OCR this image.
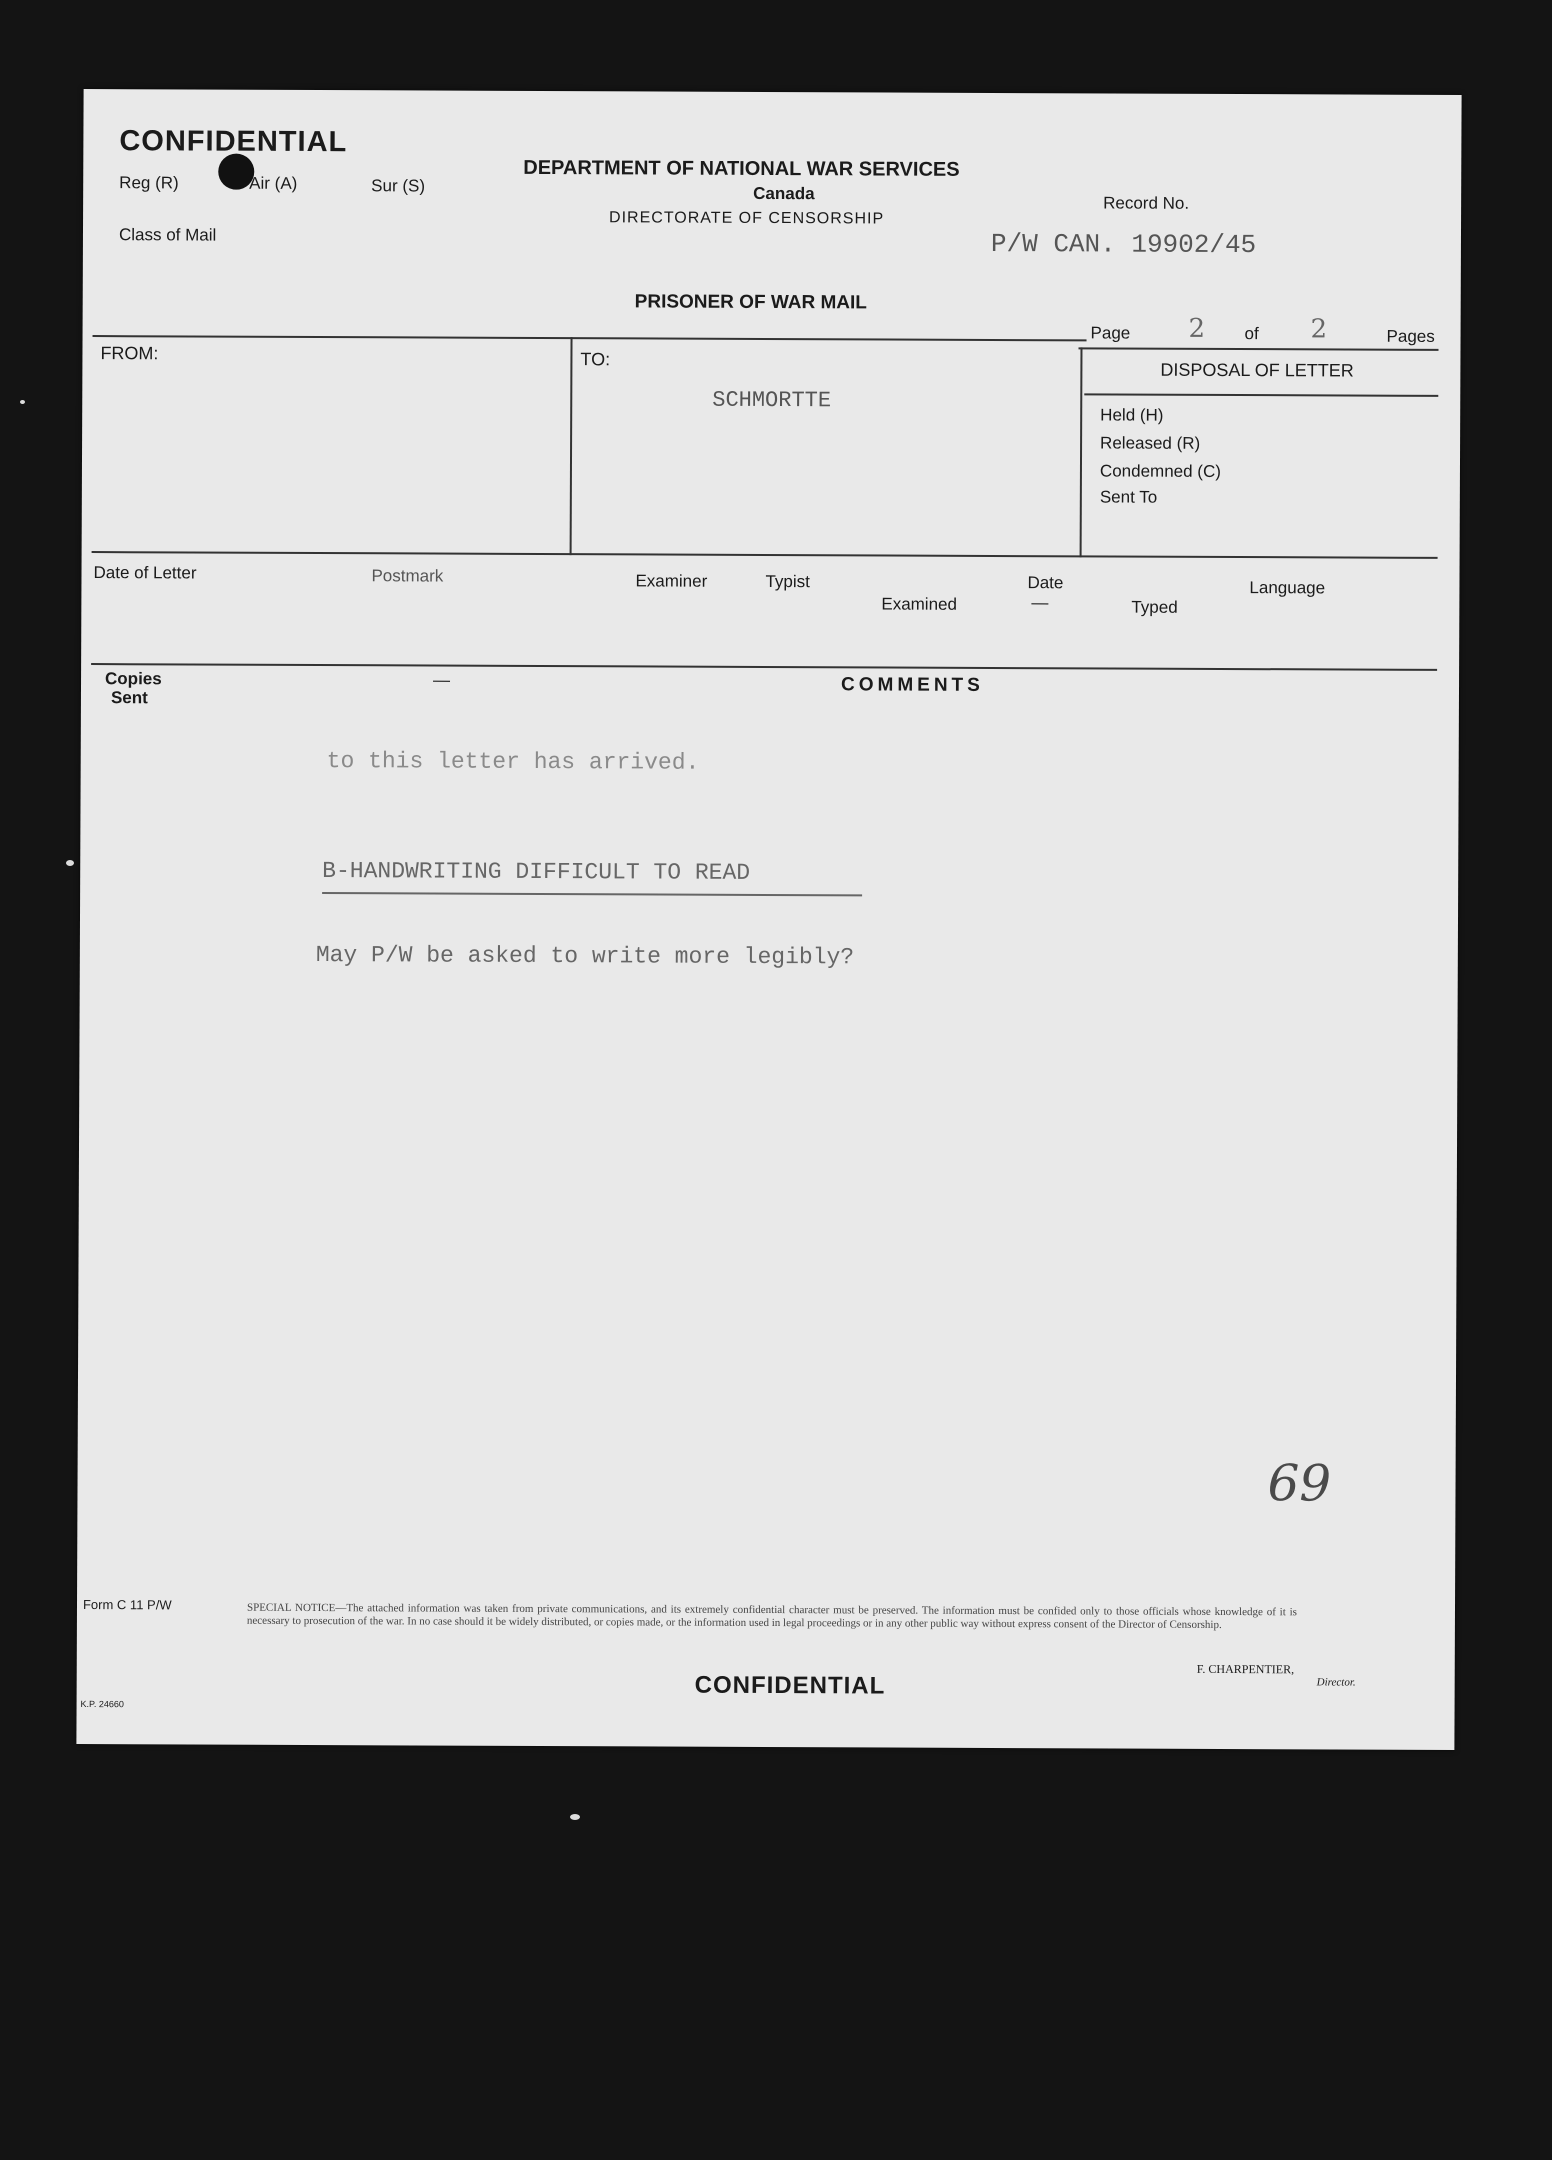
CONFIDENTIAL
Reg (R)	Air (A)	Sur (S)
Class of Mail
DEPARTMENT OF NATIONAL WAR SERVICES
Canada
DIRECTORATE OF CENSORSHIP
Record No.
P/W CAN. 19902/45
PRISONER OF WAR MAIL
Page 2 of 2	Pages
FROM:	TO:
SCHMORTTE
DISPOSAL OF LETTER
Held (H)
Released (R)
Condemned (C)
Sent To
Date of Letter	Postmark	Examiner	Typist
Examined
Date
—	Typed
Language
Copies
Sent
—	COMMENTS
to this letter has arrived.
B-HANDWRITING DIFFICULT TO READ
May P/W be asked to write more legibly?
69
Form C 11 P/W	SPECIAL NOTICE—The attached information was taken from private communications, and its extremely confidential character must be preserved. The information must be confided only to those officials whose knowledge of it is necessary to prosecution of the war. In no case should it be widely distributed, or copies made, or the information used in legal proceedings or in any other public way without express consent of the Director of Censorship.
F. CHARPENTIER,
Director.
CONFIDENTIAL
K.P. 24660
